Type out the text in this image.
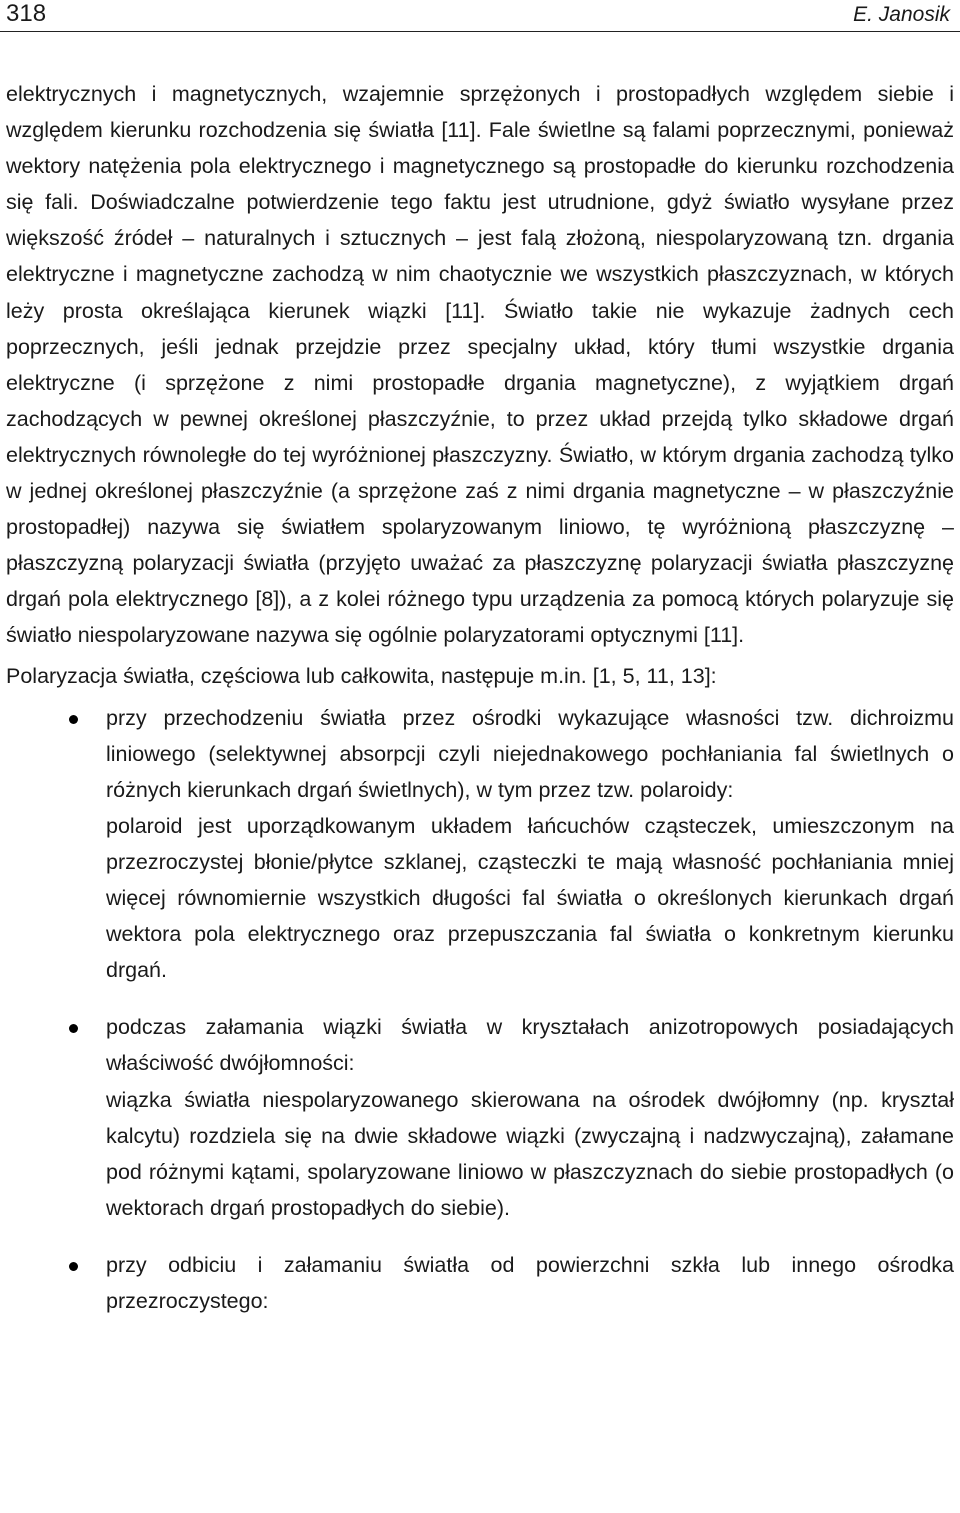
318	E. Janosik

elektrycznych i magnetycznych, wzajemnie sprzężonych i prostopadłych względem siebie i względem kierunku rozchodzenia się światła [11]. Fale świetlne są falami poprzecznymi, ponieważ wektory natężenia pola elektrycznego i magnetycznego są prostopadłe do kierunku rozchodzenia się fali. Doświadczalne potwierdzenie tego faktu jest utrudnione, gdyż światło wysyłane przez większość źródeł – naturalnych i sztucznych – jest falą złożoną, niespolaryzowaną tzn. drgania elektryczne i magnetyczne zachodzą w nim chaotycznie we wszystkich płaszczyznach, w których leży prosta określająca kierunek wiązki [11]. Światło takie nie wykazuje żadnych cech poprzecznych, jeśli jednak przejdzie przez specjalny układ, który tłumi wszystkie drgania elektryczne (i sprzężone z nimi prostopadłe drgania magnetyczne), z wyjątkiem drgań zachodzących w pewnej określonej płaszczyźnie, to przez układ przejdą tylko składowe drgań elektrycznych równoległe do tej wyróżnionej płaszczyzny. Światło, w którym drgania zachodzą tylko w jednej określonej płaszczyźnie (a sprzężone zaś z nimi drgania magnetyczne – w płaszczyźnie prostopadłej) nazywa się światłem spolaryzowanym liniowo, tę wyróżnioną płaszczyznę – płaszczyzną polaryzacji światła (przyjęto uważać za płaszczyznę polaryzacji światła płaszczyznę drgań pola elektrycznego [8]), a z kolei różnego typu urządzenia za pomocą których polaryzuje się światło niespolaryzowane nazywa się ogólnie polaryzatorami optycznymi [11].

Polaryzacja światła, częściowa lub całkowita, następuje m.in. [1, 5, 11, 13]:

przy przechodzeniu światła przez ośrodki wykazujące własności tzw. dichroizmu liniowego (selektywnej absorpcji czyli niejednakowego pochłaniania fal świetlnych o różnych kierunkach drgań świetlnych), w tym przez tzw. polaroidy:
polaroid jest uporządkowanym układem łańcuchów cząsteczek, umieszczonym na przezroczystej błonie/płytce szklanej, cząsteczki te mają własność pochłaniania mniej więcej równomiernie wszystkich długości fal światła o określonych kierunkach drgań wektora pola elektrycznego oraz przepuszczania fal światła o konkretnym kierunku drgań.
podczas załamania wiązki światła w kryształach anizotropowych posiadających właściwość dwójłomności:
wiązka światła niespolaryzowanego skierowana na ośrodek dwójłomny (np. kryształ kalcytu) rozdziela się na dwie składowe wiązki (zwyczajną i nadzwyczajną), załamane pod różnymi kątami, spolaryzowane liniowo w płaszczyznach do siebie prostopadłych (o wektorach drgań prostopadłych do siebie).
przy odbiciu i załamaniu światła od powierzchni szkła lub innego ośrodka przezroczystego:
